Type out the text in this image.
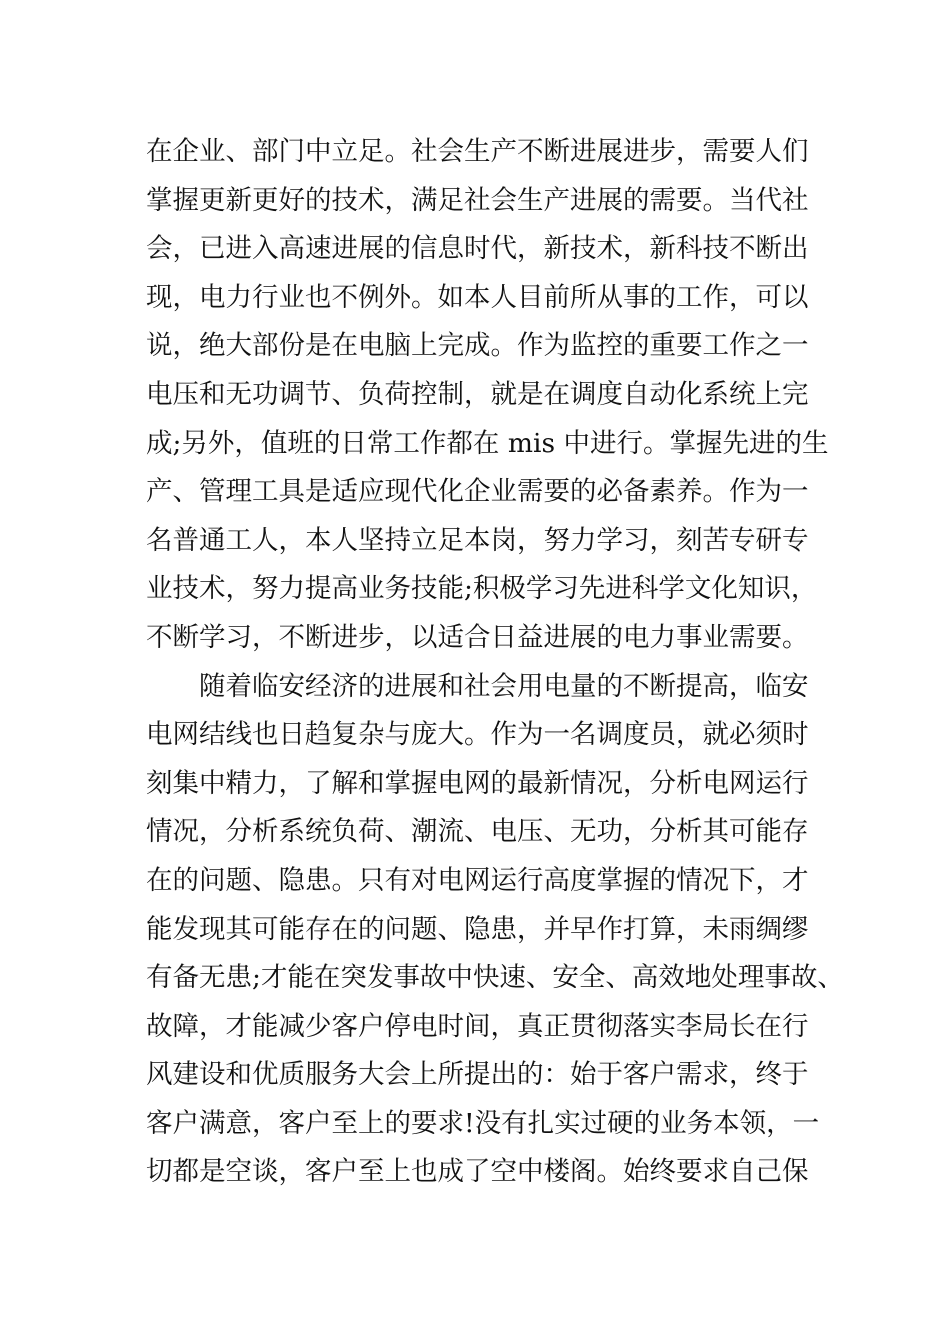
在企业、部门中立足。社会生产不断进展进步，需要人们
掌握更新更好的技术，满足社会生产进展的需要。当代社
会，已进入高速进展的信息时代，新技术，新科技不断出
现，电力行业也不例外。如本人目前所从事的工作，可以
说，绝大部份是在电脑上完成。作为监控的重要工作之一
电压和无功调节、负荷控制，就是在调度自动化系统上完
成;另外，值班的日常工作都在 mis 中进行。掌握先进的生
产、管理工具是适应现代化企业需要的必备素养。作为一
名普通工人，本人坚持立足本岗，努力学习，刻苦专研专
业技术，努力提高业务技能;积极学习先进科学文化知识，
不断学习，不断进步，以适合日益进展的电力事业需要。
随着临安经济的进展和社会用电量的不断提高，临安
电网结线也日趋复杂与庞大。作为一名调度员，就必须时
刻集中精力，了解和掌握电网的最新情况，分析电网运行
情况，分析系统负荷、潮流、电压、无功，分析其可能存
在的问题、隐患。只有对电网运行高度掌握的情况下，才
能发现其可能存在的问题、隐患，并早作打算，未雨绸缪
有备无患;才能在突发事故中快速、安全、高效地处理事故、
故障，才能减少客户停电时间，真正贯彻落实李局长在行
风建设和优质服务大会上所提出的：始于客户需求，终于
客户满意，客户至上的要求!没有扎实过硬的业务本领，一
切都是空谈，客户至上也成了空中楼阁。始终要求自己保
